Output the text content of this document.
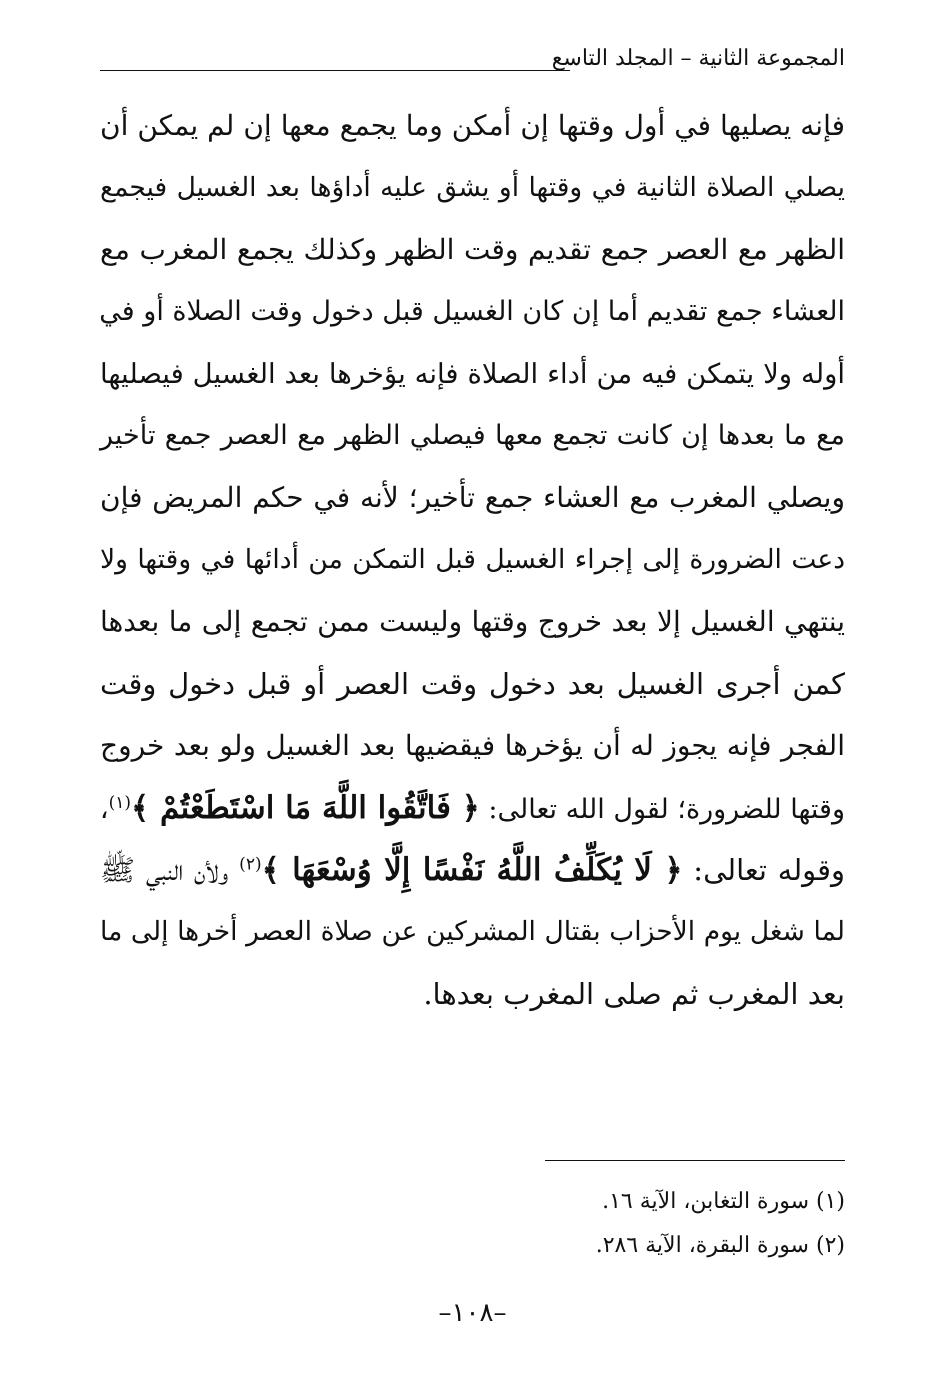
المجموعة الثانية – المجلد التاسع
فإنه يصليها في أول وقتها إن أمكن وما يجمع معها إن لم يمكن أن
يصلي الصلاة الثانية في وقتها أو يشق عليه أداؤها بعد الغسيل فيجمع
الظهر مع العصر جمع تقديم وقت الظهر وكذلك يجمع المغرب مع
العشاء جمع تقديم أما إن كان الغسيل قبل دخول وقت الصلاة أو في
أوله ولا يتمكن فيه من أداء الصلاة فإنه يؤخرها بعد الغسيل فيصليها
مع ما بعدها إن كانت تجمع معها فيصلي الظهر مع العصر جمع تأخير
ويصلي المغرب مع العشاء جمع تأخير؛ لأنه في حكم المريض فإن
دعت الضرورة إلى إجراء الغسيل قبل التمكن من أدائها في وقتها ولا
ينتهي الغسيل إلا بعد خروج وقتها وليست ممن تجمع إلى ما بعدها
كمن أجرى الغسيل بعد دخول وقت العصر أو قبل دخول وقت
الفجر فإنه يجوز له أن يؤخرها فيقضيها بعد الغسيل ولو بعد خروج
وقتها للضرورة؛ لقول الله تعالى: ﴿ فَاتَّقُوا اللَّهَ مَا اسْتَطَعْتُمْ ﴾$^{(١)}$،
وقوله تعالى: ﴿ لَا يُكَلِّفُ اللَّهُ نَفْسًا إِلَّا وُسْعَهَا ﴾$^{(٢)}$ ولأن النبي ﷺ
لما شغل يوم الأحزاب بقتال المشركين عن صلاة العصر أخرها إلى ما
بعد المغرب ثم صلى المغرب بعدها.
(١) سورة التغابن، الآية ١٦.
(٢) سورة البقرة، الآية ٢٨٦.
–١٠٨–
